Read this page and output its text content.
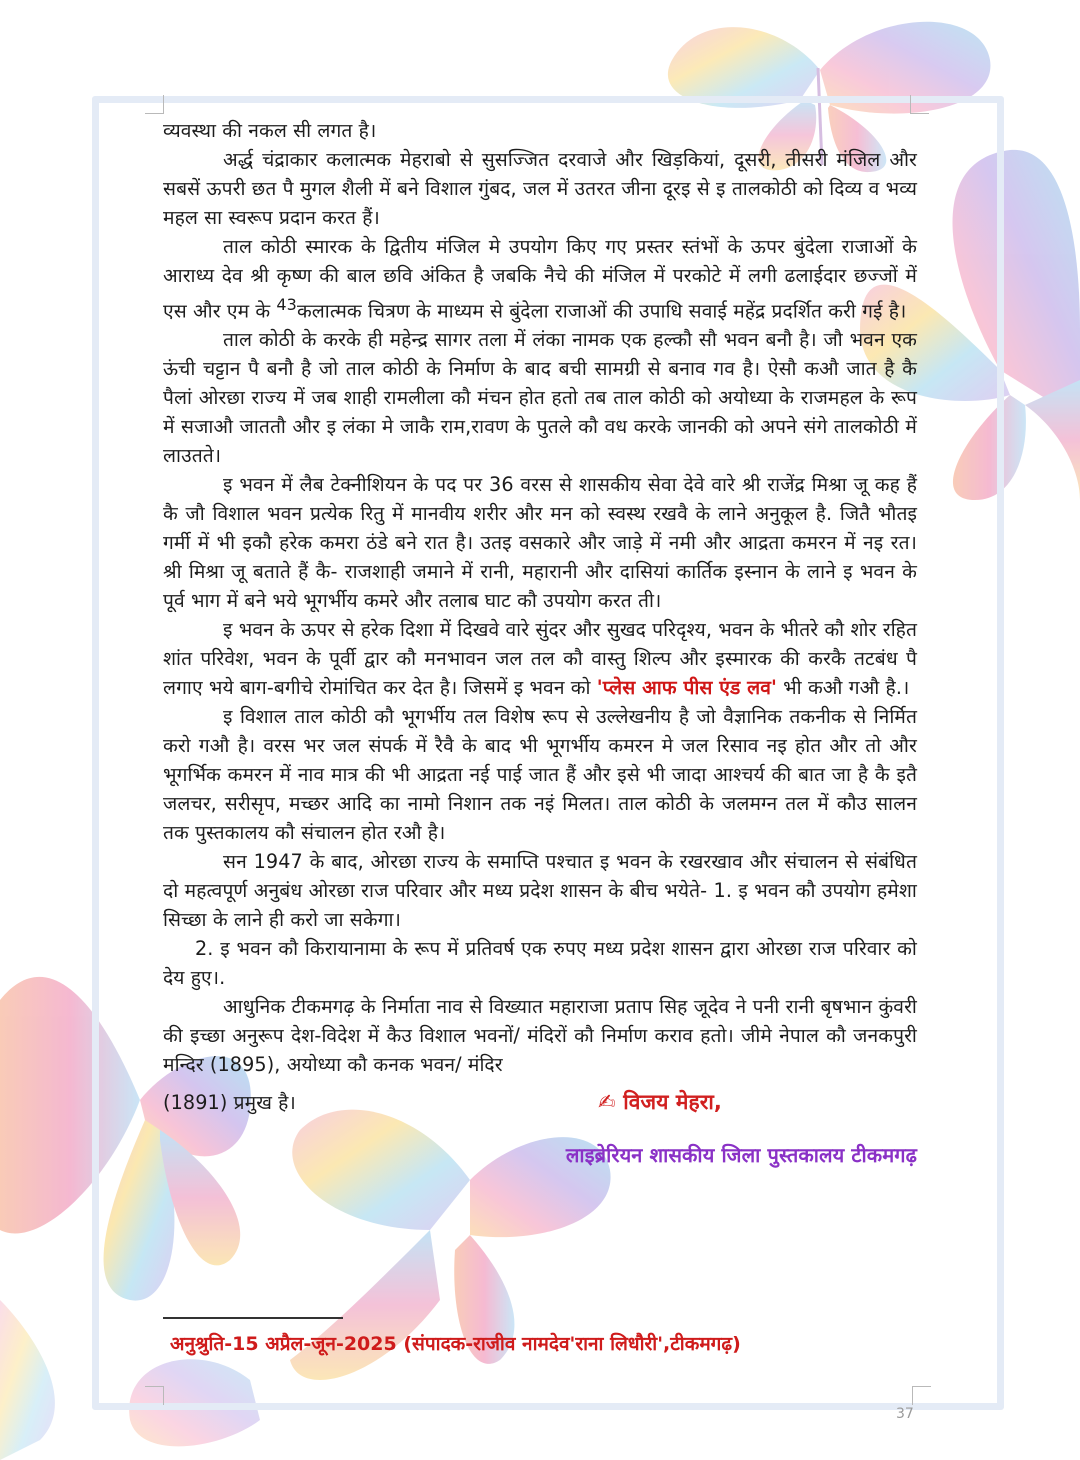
व्यवस्था की नकल सी लगत है।

अर्द्ध चंद्राकार कलात्मक मेहराबो से सुसज्जित दरवाजे और खिड़कियां, दूसरी, तीसरी मंजिल और सबसें ऊपरी छत पै मुगल शैली में बने विशाल गुंबद, जल में उतरत जीना दूरइ से इ तालकोठी को दिव्य व भव्य महल सा स्वरूप प्रदान करत हैं।

ताल कोठी स्मारक के द्वितीय मंजिल मे उपयोग किए गए प्रस्तर स्तंभों के ऊपर बुंदेला राजाओं के आराध्य देव श्री कृष्ण की बाल छवि अंकित है जबकि नैचे की मंजिल में परकोटे में लगी ढलाईदार छज्जों में एस और एम के $^{43}$कलात्मक चित्रण के माध्यम से बुंदेला राजाओं की उपाधि सवाई महेंद्र प्रदर्शित करी गई है।

ताल कोठी के करके ही महेन्द्र सागर तला में लंका नामक एक हल्कौ सौ भवन बनौ है। जौ भवन एक ऊंची चट्टान पै बनौ है जो ताल कोठी के निर्माण के बाद बची सामग्री से बनाव गव है। ऐसौ कऔ जात है कै पैलां ओरछा राज्य में जब शाही रामलीला कौ मंचन होत हतो तब ताल कोठी को अयोध्या के राजमहल के रूप में सजाऔ जाततौ और इ लंका मे जाकै राम,रावण के पुतले कौ वध करके जानकी को अपने संगे तालकोठी में लाउतते।

इ भवन में लैब टेक्नीशियन के पद पर 36 वरस से शासकीय सेवा देवे वारे श्री राजेंद्र मिश्रा जू कह हैं कै जौ विशाल भवन प्रत्येक रितु में मानवीय शरीर और मन को स्वस्थ रखवै के लाने अनुकूल है. जितै भौतइ गर्मी में भी इकौ हरेक कमरा ठंडे बने रात है। उतइ वसकारे और जाड़े में नमी और आद्रता कमरन में नइ रत। श्री मिश्रा जू बताते हैं कै- राजशाही जमाने में रानी, महारानी और दासियां कार्तिक इस्नान के लाने इ भवन के पूर्व भाग में बने भये भूगर्भीय कमरे और तलाब घाट कौ उपयोग करत ती।

इ भवन के ऊपर से हरेक दिशा में दिखवे वारे सुंदर और सुखद परिदृश्य, भवन के भीतरे कौ शोर रहित शांत परिवेश, भवन के पूर्वी द्वार कौ मनभावन जल तल कौ वास्तु शिल्प और इस्मारक की करकै तटबंध पै लगाए भये बाग-बगीचे रोमांचित कर देत है। जिसमें इ भवन को 'प्लेस आफ पीस एंड लव' भी कऔ गऔ है.।

इ विशाल ताल कोठी कौ भूगर्भीय तल विशेष रूप से उल्लेखनीय है जो वैज्ञानिक तकनीक से निर्मित करो गऔ है। वरस भर जल संपर्क में रैवै के बाद भी भूगर्भीय कमरन मे जल रिसाव नइ होत और तो और भूगर्भिक कमरन में नाव मात्र की भी आद्रता नई पाई जात हैं और इसे भी जादा आश्चर्य की बात जा है कै इतै जलचर, सरीसृप, मच्छर आदि का नामो निशान तक नइं मिलत। ताल कोठी के जलमग्न तल में कौउ सालन तक पुस्तकालय कौ संचालन होत रऔ है।

सन 1947 के बाद, ओरछा राज्य के समाप्ति पश्चात इ भवन के रखरखाव और संचालन से संबंधित दो महत्वपूर्ण अनुबंध ओरछा राज परिवार और मध्य प्रदेश शासन के बीच भयेते- 1. इ भवन कौ उपयोग हमेशा सिच्छा के लाने ही करो जा सकेगा।

2. इ भवन कौ किरायानामा के रूप में प्रतिवर्ष एक रुपए मध्य प्रदेश शासन द्वारा ओरछा राज परिवार को देय हुए।.

आधुनिक टीकमगढ़ के निर्माता नाव से विख्यात महाराजा प्रताप सिह जूदेव ने पनी रानी बृषभान कुंवरी की इच्छा अनुरूप देश-विदेश में कैउ विशाल भवनों/ मंदिरों कौ निर्माण कराव हतो। जीमे नेपाल कौ जनकपुरी मन्दिर (1895), अयोध्या कौ कनक भवन/ मंदिर

(1891) प्रमुख है।	✍ विजय मेहरा,
लाइब्रेरियन शासकीय जिला पुस्तकालय टीकमगढ़
अनुश्रुति-15 अप्रैल-जून-2025 (संपादक-राजीव नामदेव'राना लिधौरी',टीकमगढ़)
37
